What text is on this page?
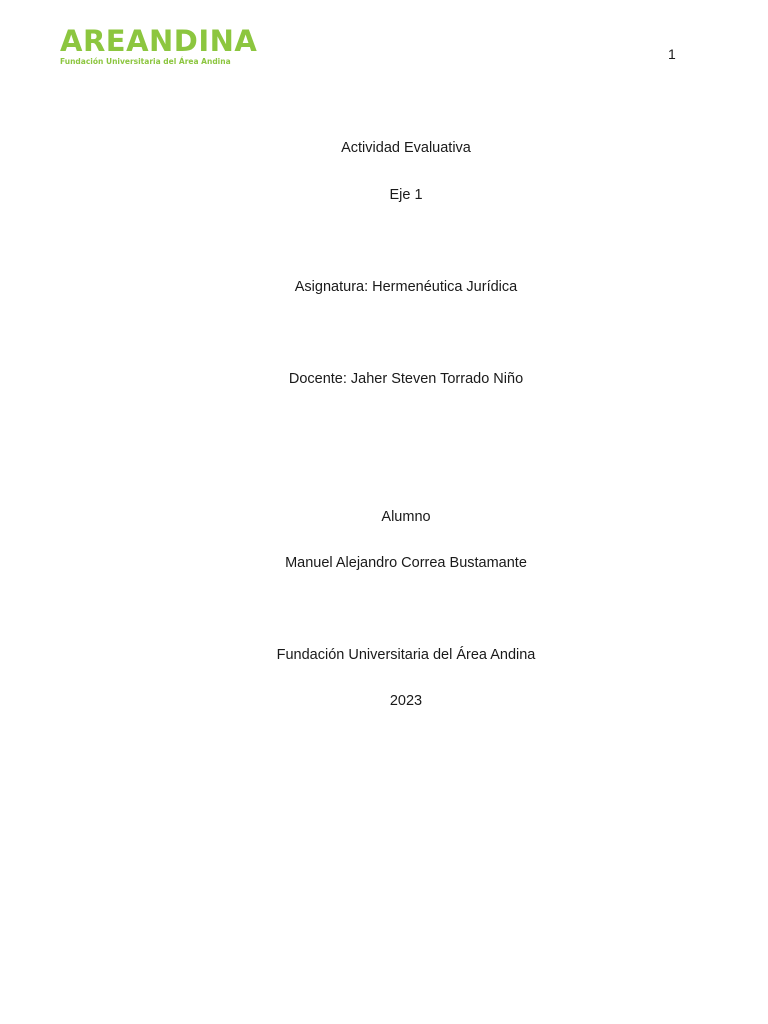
AREANDINA
Fundación Universitaria del Área Andina	1
Actividad Evaluativa
Eje 1
Asignatura: Hermenéutica Jurídica
Docente: Jaher Steven Torrado Niño
Alumno
Manuel Alejandro Correa Bustamante
Fundación Universitaria del Área Andina
2023
